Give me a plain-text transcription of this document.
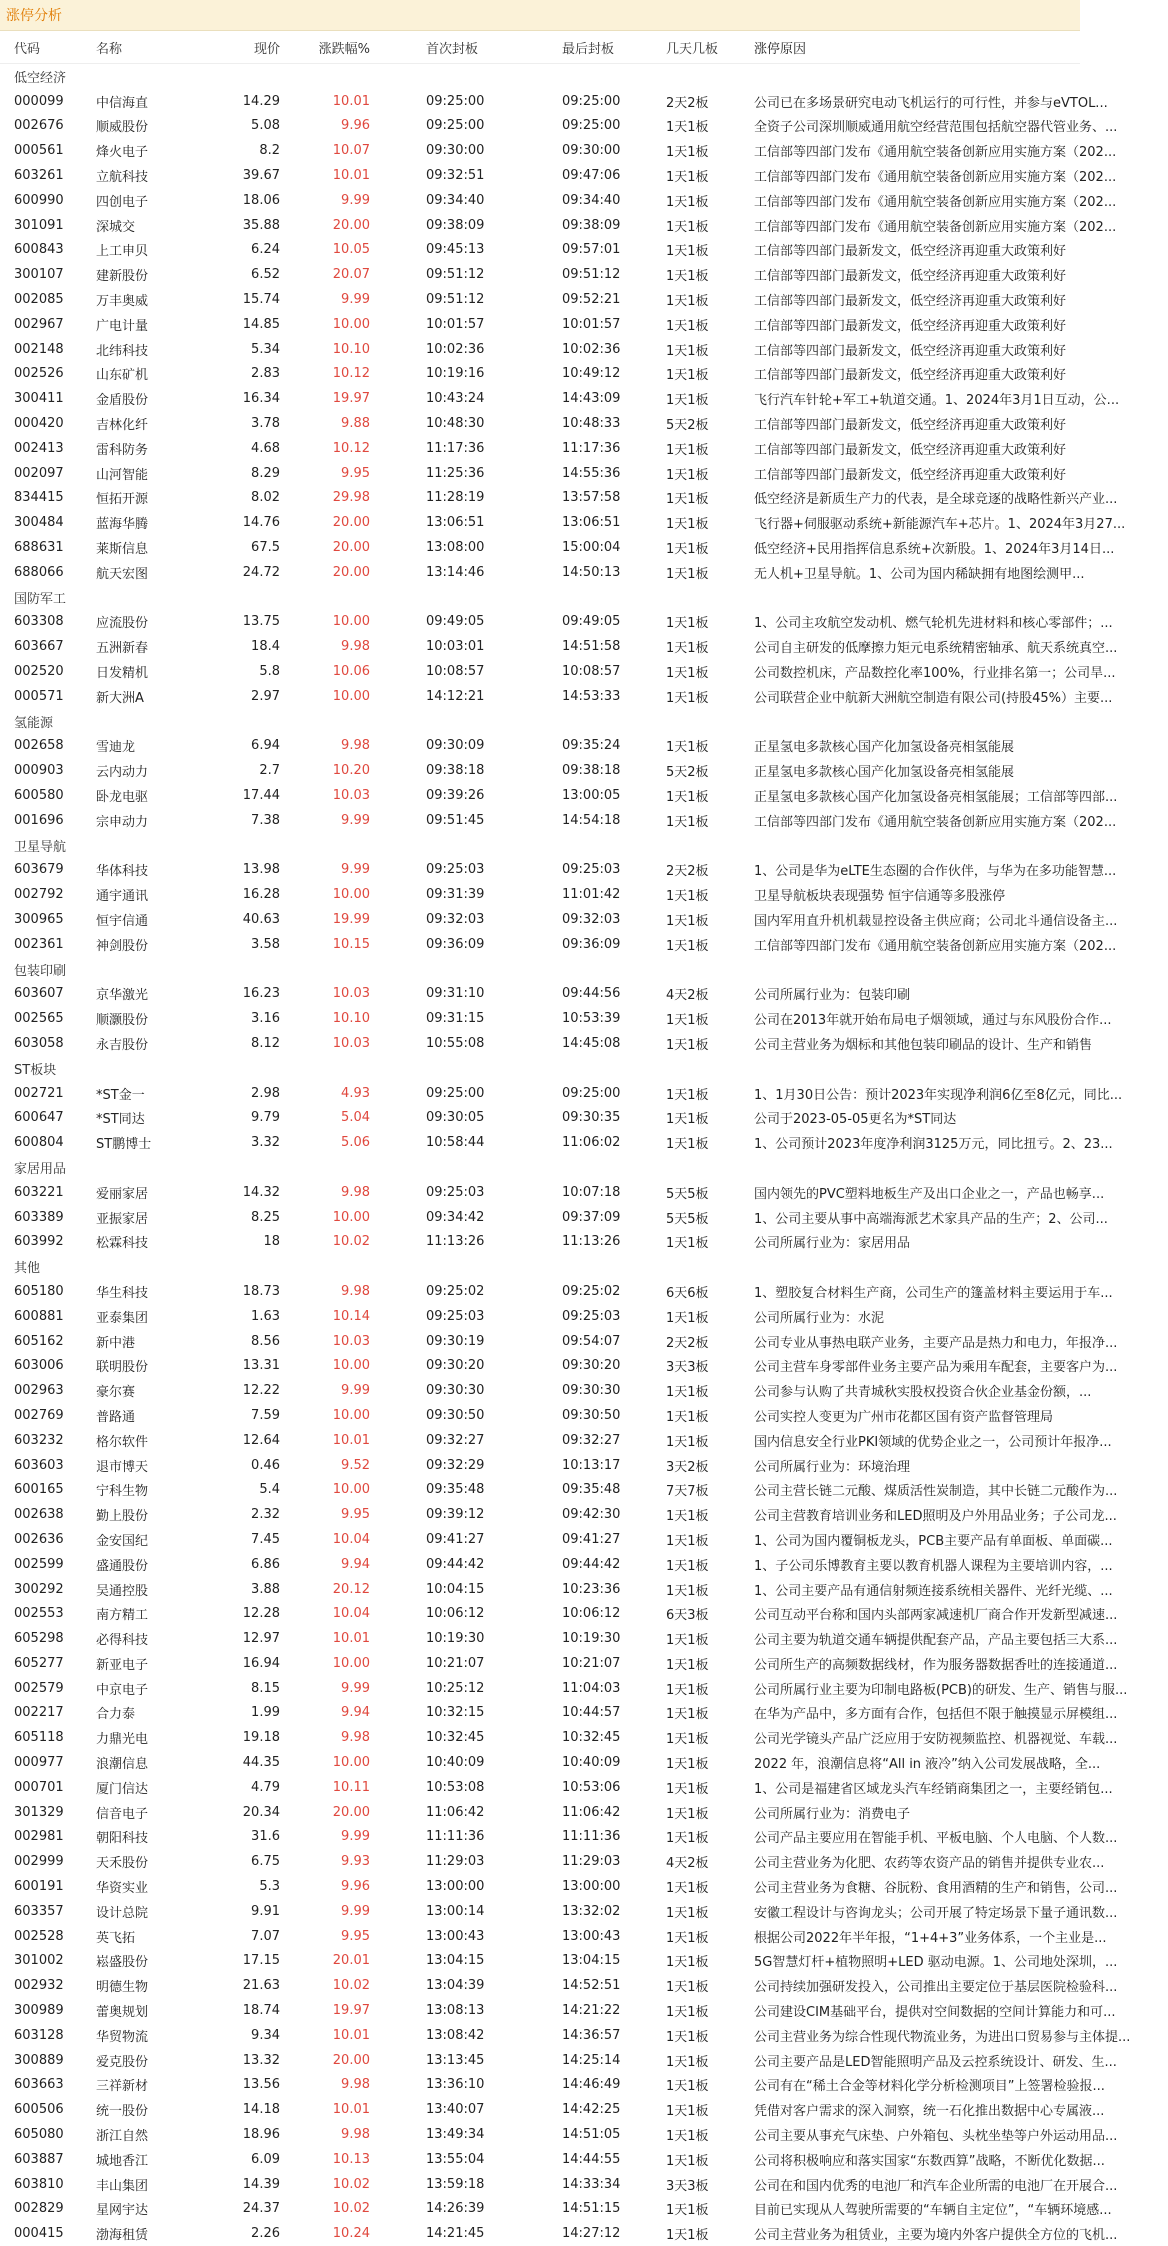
涨停分析
代码	名称	现价	涨跌幅%	首次封板	最后封板	几天几板	涨停原因
低空经济
000099	中信海直	14.29	10.01	09:25:00	09:25:00	2天2板	公司已在多场景研究电动飞机运行的可行性，并参与eVTOL...
002676	顺威股份	5.08	9.96	09:25:00	09:25:00	1天1板	全资子公司深圳顺威通用航空经营范围包括航空器代管业务、...
000561	烽火电子	8.2	10.07	09:30:00	09:30:00	1天1板	工信部等四部门发布《通用航空装备创新应用实施方案（202...
603261	立航科技	39.67	10.01	09:32:51	09:47:06	1天1板	工信部等四部门发布《通用航空装备创新应用实施方案（202...
600990	四创电子	18.06	9.99	09:34:40	09:34:40	1天1板	工信部等四部门发布《通用航空装备创新应用实施方案（202...
301091	深城交	35.88	20.00	09:38:09	09:38:09	1天1板	工信部等四部门发布《通用航空装备创新应用实施方案（202...
600843	上工申贝	6.24	10.05	09:45:13	09:57:01	1天1板	工信部等四部门最新发文，低空经济再迎重大政策利好
300107	建新股份	6.52	20.07	09:51:12	09:51:12	1天1板	工信部等四部门最新发文，低空经济再迎重大政策利好
002085	万丰奥威	15.74	9.99	09:51:12	09:52:21	1天1板	工信部等四部门最新发文，低空经济再迎重大政策利好
002967	广电计量	14.85	10.00	10:01:57	10:01:57	1天1板	工信部等四部门最新发文，低空经济再迎重大政策利好
002148	北纬科技	5.34	10.10	10:02:36	10:02:36	1天1板	工信部等四部门最新发文，低空经济再迎重大政策利好
002526	山东矿机	2.83	10.12	10:19:16	10:49:12	1天1板	工信部等四部门最新发文，低空经济再迎重大政策利好
300411	金盾股份	16.34	19.97	10:43:24	14:43:09	1天1板	飞行汽车针轮+军工+轨道交通。1、2024年3月1日互动，公...
000420	吉林化纤	3.78	9.88	10:48:30	10:48:33	5天2板	工信部等四部门最新发文，低空经济再迎重大政策利好
002413	雷科防务	4.68	10.12	11:17:36	11:17:36	1天1板	工信部等四部门最新发文，低空经济再迎重大政策利好
002097	山河智能	8.29	9.95	11:25:36	14:55:36	1天1板	工信部等四部门最新发文，低空经济再迎重大政策利好
834415	恒拓开源	8.02	29.98	11:28:19	13:57:58	1天1板	低空经济是新质生产力的代表，是全球竞逐的战略性新兴产业...
300484	蓝海华腾	14.76	20.00	13:06:51	13:06:51	1天1板	飞行器+伺服驱动系统+新能源汽车+芯片。1、2024年3月27...
688631	莱斯信息	67.5	20.00	13:08:00	15:00:04	1天1板	低空经济+民用指挥信息系统+次新股。1、2024年3月14日...
688066	航天宏图	24.72	20.00	13:14:46	14:50:13	1天1板	无人机+卫星导航。1、公司为国内稀缺拥有地图绘测甲...
国防军工
603308	应流股份	13.75	10.00	09:49:05	09:49:05	1天1板	1、公司主攻航空发动机、燃气轮机先进材料和核心零部件；...
603667	五洲新春	18.4	9.98	10:03:01	14:51:58	1天1板	公司自主研发的低摩擦力矩元电系统精密轴承、航天系统真空...
002520	日发精机	5.8	10.06	10:08:57	10:08:57	1天1板	公司数控机床，产品数控化率100%，行业排名第一；公司旱...
000571	新大洲A	2.97	10.00	14:12:21	14:53:33	1天1板	公司联营企业中航新大洲航空制造有限公司(持股45%）主要...
氢能源
002658	雪迪龙	6.94	9.98	09:30:09	09:35:24	1天1板	正星氢电多款核心国产化加氢设备亮相氢能展
000903	云内动力	2.7	10.20	09:38:18	09:38:18	5天2板	正星氢电多款核心国产化加氢设备亮相氢能展
600580	卧龙电驱	17.44	10.03	09:39:26	13:00:05	1天1板	正星氢电多款核心国产化加氢设备亮相氢能展；工信部等四部...
001696	宗申动力	7.38	9.99	09:51:45	14:54:18	1天1板	工信部等四部门发布《通用航空装备创新应用实施方案（202...
卫星导航
603679	华体科技	13.98	9.99	09:25:03	09:25:03	2天2板	1、公司是华为eLTE生态圈的合作伙伴，与华为在多功能智慧...
002792	通宇通讯	16.28	10.00	09:31:39	11:01:42	1天1板	卫星导航板块表现强势 恒宇信通等多股涨停
300965	恒宇信通	40.63	19.99	09:32:03	09:32:03	1天1板	国内军用直升机机载显控设备主供应商；公司北斗通信设备主...
002361	神剑股份	3.58	10.15	09:36:09	09:36:09	1天1板	工信部等四部门发布《通用航空装备创新应用实施方案（202...
包装印刷
603607	京华激光	16.23	10.03	09:31:10	09:44:56	4天2板	公司所属行业为：包装印刷
002565	顺灏股份	3.16	10.10	09:31:15	10:53:39	1天1板	公司在2013年就开始布局电子烟领域，通过与东风股份合作...
603058	永吉股份	8.12	10.03	10:55:08	14:45:08	1天1板	公司主营业务为烟标和其他包装印刷品的设计、生产和销售
ST板块
002721	*ST金一	2.98	4.93	09:25:00	09:25:00	1天1板	1、1月30日公告：预计2023年实现净利润6亿至8亿元，同比...
600647	*ST同达	9.79	5.04	09:30:05	09:30:35	1天1板	公司于2023-05-05更名为*ST同达
600804	ST鹏博士	3.32	5.06	10:58:44	11:06:02	1天1板	1、公司预计2023年度净利润3125万元，同比扭亏。2、23...
家居用品
603221	爱丽家居	14.32	9.98	09:25:03	10:07:18	5天5板	国内领先的PVC塑料地板生产及出口企业之一，产品也畅享...
603389	亚振家居	8.25	10.00	09:34:42	09:37:09	5天5板	1、公司主要从事中高端海派艺术家具产品的生产；2、公司...
603992	松霖科技	18	10.02	11:13:26	11:13:26	1天1板	公司所属行业为：家居用品
其他
605180	华生科技	18.73	9.98	09:25:02	09:25:02	6天6板	1、塑胶复合材料生产商，公司生产的篷盖材料主要运用于车...
600881	亚泰集团	1.63	10.14	09:25:03	09:25:03	1天1板	公司所属行业为：水泥
605162	新中港	8.56	10.03	09:30:19	09:54:07	2天2板	公司专业从事热电联产业务，主要产品是热力和电力，年报净...
603006	联明股份	13.31	10.00	09:30:20	09:30:20	3天3板	公司主营车身零部件业务主要产品为乘用车配套，主要客户为...
002963	豪尔赛	12.22	9.99	09:30:30	09:30:30	1天1板	公司参与认购了共青城秋实股权投资合伙企业基金份额，...
002769	普路通	7.59	10.00	09:30:50	09:30:50	1天1板	公司实控人变更为广州市花都区国有资产监督管理局
603232	格尔软件	12.64	10.01	09:32:27	09:32:27	1天1板	国内信息安全行业PKI领域的优势企业之一，公司预计年报净...
603603	退市博天	0.46	9.52	09:32:29	10:13:17	3天2板	公司所属行业为：环境治理
600165	宁科生物	5.4	10.00	09:35:48	09:35:48	7天7板	公司主营长链二元酸、煤质活性炭制造，其中长链二元酸作为...
002638	勤上股份	2.32	9.95	09:39:12	09:42:30	1天1板	公司主营教育培训业务和LED照明及户外用品业务；子公司龙...
002636	金安国纪	7.45	10.04	09:41:27	09:41:27	1天1板	1、公司为国内覆铜板龙头，PCB主要产品有单面板、单面碳...
002599	盛通股份	6.86	9.94	09:44:42	09:44:42	1天1板	1、子公司乐博教育主要以教育机器人课程为主要培训内容，...
300292	吴通控股	3.88	20.12	10:04:15	10:23:36	1天1板	1、公司主要产品有通信射频连接系统相关器件、光纤光缆、...
002553	南方精工	12.28	10.04	10:06:12	10:06:12	6天3板	公司互动平台称和国内头部两家减速机厂商合作开发新型减速...
605298	必得科技	12.97	10.01	10:19:30	10:19:30	1天1板	公司主要为轨道交通车辆提供配套产品，产品主要包括三大系...
605277	新亚电子	16.94	10.00	10:21:07	10:21:07	1天1板	公司所生产的高频数据线材，作为服务器数据香吐的连接通道...
002579	中京电子	8.15	9.99	10:25:12	11:04:03	1天1板	公司所属行业主要为印制电路板(PCB)的研发、生产、销售与服...
002217	合力泰	1.99	9.94	10:32:15	10:44:57	1天1板	在华为产品中，多方面有合作，包括但不限于触摸显示屏模组...
605118	力鼎光电	19.18	9.98	10:32:45	10:32:45	1天1板	公司光学镜头产品广泛应用于安防视频监控、机器视觉、车载...
000977	浪潮信息	44.35	10.00	10:40:09	10:40:09	1天1板	2022 年，浪潮信息将“All in 液冷”纳入公司发展战略，全...
000701	厦门信达	4.79	10.11	10:53:08	10:53:06	1天1板	1、公司是福建省区域龙头汽车经销商集团之一，主要经销包...
301329	信音电子	20.34	20.00	11:06:42	11:06:42	1天1板	公司所属行业为：消费电子
002981	朝阳科技	31.6	9.99	11:11:36	11:11:36	1天1板	公司产品主要应用在智能手机、平板电脑、个人电脑、个人数...
002999	天禾股份	6.75	9.93	11:29:03	11:29:03	4天2板	公司主营业务为化肥、农药等农资产品的销售并提供专业农...
600191	华资实业	5.3	9.96	13:00:00	13:00:00	1天1板	公司主营业务为食糖、谷朊粉、食用酒精的生产和销售，公司...
603357	设计总院	9.91	9.99	13:00:14	13:32:02	1天1板	安徽工程设计与咨询龙头；公司开展了特定场景下量子通讯数...
002528	英飞拓	7.07	9.95	13:00:43	13:00:43	1天1板	根据公司2022年半年报，“1+4+3”业务体系，一个主业是...
301002	崧盛股份	17.15	20.01	13:04:15	13:04:15	1天1板	5G智慧灯杆+植物照明+LED 驱动电源。1、公司地处深圳，...
002932	明德生物	21.63	10.02	13:04:39	14:52:51	1天1板	公司持续加强研发投入，公司推出主要定位于基层医院检验科...
300989	蕾奥规划	18.74	19.97	13:08:13	14:21:22	1天1板	公司建设CIM基础平台，提供对空间数据的空间计算能力和可...
603128	华贸物流	9.34	10.01	13:08:42	14:36:57	1天1板	公司主营业务为综合性现代物流业务，为进出口贸易参与主体提...
300889	爱克股份	13.32	20.00	13:13:45	14:25:14	1天1板	公司主要产品是LED智能照明产品及云控系统设计、研发、生...
603663	三祥新材	13.56	9.98	13:36:10	14:46:49	1天1板	公司有在“稀土合金等材料化学分析检测项目”上签署检验报...
600506	统一股份	14.18	10.01	13:40:07	14:42:25	1天1板	凭借对客户需求的深入洞察，统一石化推出数据中心专属液...
605080	浙江自然	18.96	9.98	13:49:34	14:51:05	1天1板	公司主要从事充气床垫、户外箱包、头枕坐垫等户外运动用品...
603887	城地香江	6.09	10.13	13:55:04	14:44:55	1天1板	公司将积极响应和落实国家“东数西算”战略，不断优化数据...
603810	丰山集团	14.39	10.02	13:59:18	14:33:34	3天3板	公司在和国内优秀的电池厂和汽车企业所需的电池厂在开展合...
002829	星网宇达	24.37	10.02	14:26:39	14:51:15	1天1板	目前已实现从人驾驶所需要的“车辆自主定位”，“车辆环境感...
000415	渤海租赁	2.26	10.24	14:21:45	14:27:12	1天1板	公司主营业务为租赁业，主要为境内外客户提供全方位的飞机...
